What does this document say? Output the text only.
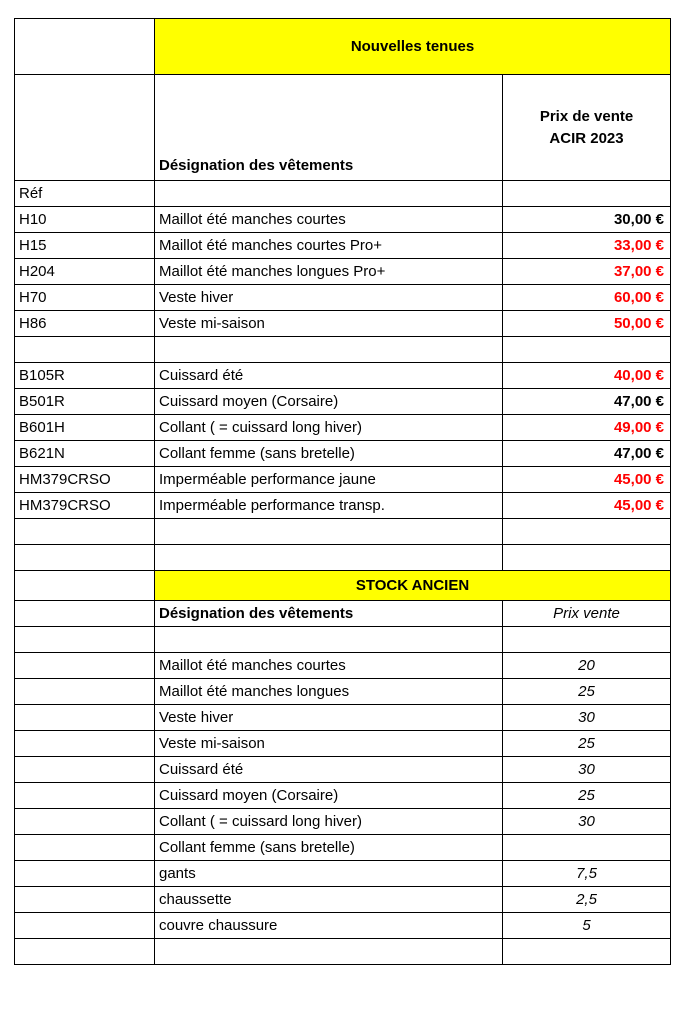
	Nouvelles tenues	
	Désignation des vêtements	Prix de vente
ACIR 2023

Réf		
H10	Maillot été manches courtes	30,00 €
H15	Maillot été manches courtes Pro+	33,00 €
H204	Maillot été manches longues Pro+	37,00 €
H70	Veste hiver	60,00 €
H86	Veste mi-saison	50,00 €

B105R	Cuissard été	40,00 €
B501R	Cuissard moyen (Corsaire)	47,00 €
B601H	Collant ( = cuissard long hiver)	49,00 €
B621N	Collant femme (sans bretelle)	47,00 €
HM379CRSO	Imperméable performance jaune	45,00 €
HM379CRSO	Imperméable performance transp.	45,00 €

	STOCK ANCIEN	
	Désignation des vêtements	Prix vente

	Maillot été manches courtes	20
	Maillot été manches longues	25
	Veste hiver	30
	Veste mi-saison	25
	Cuissard été	30
	Cuissard moyen (Corsaire)	25
	Collant ( = cuissard long hiver)	30
	Collant femme (sans bretelle)	
	gants	7,5
	chaussette	2,5
	couvre chaussure	5
